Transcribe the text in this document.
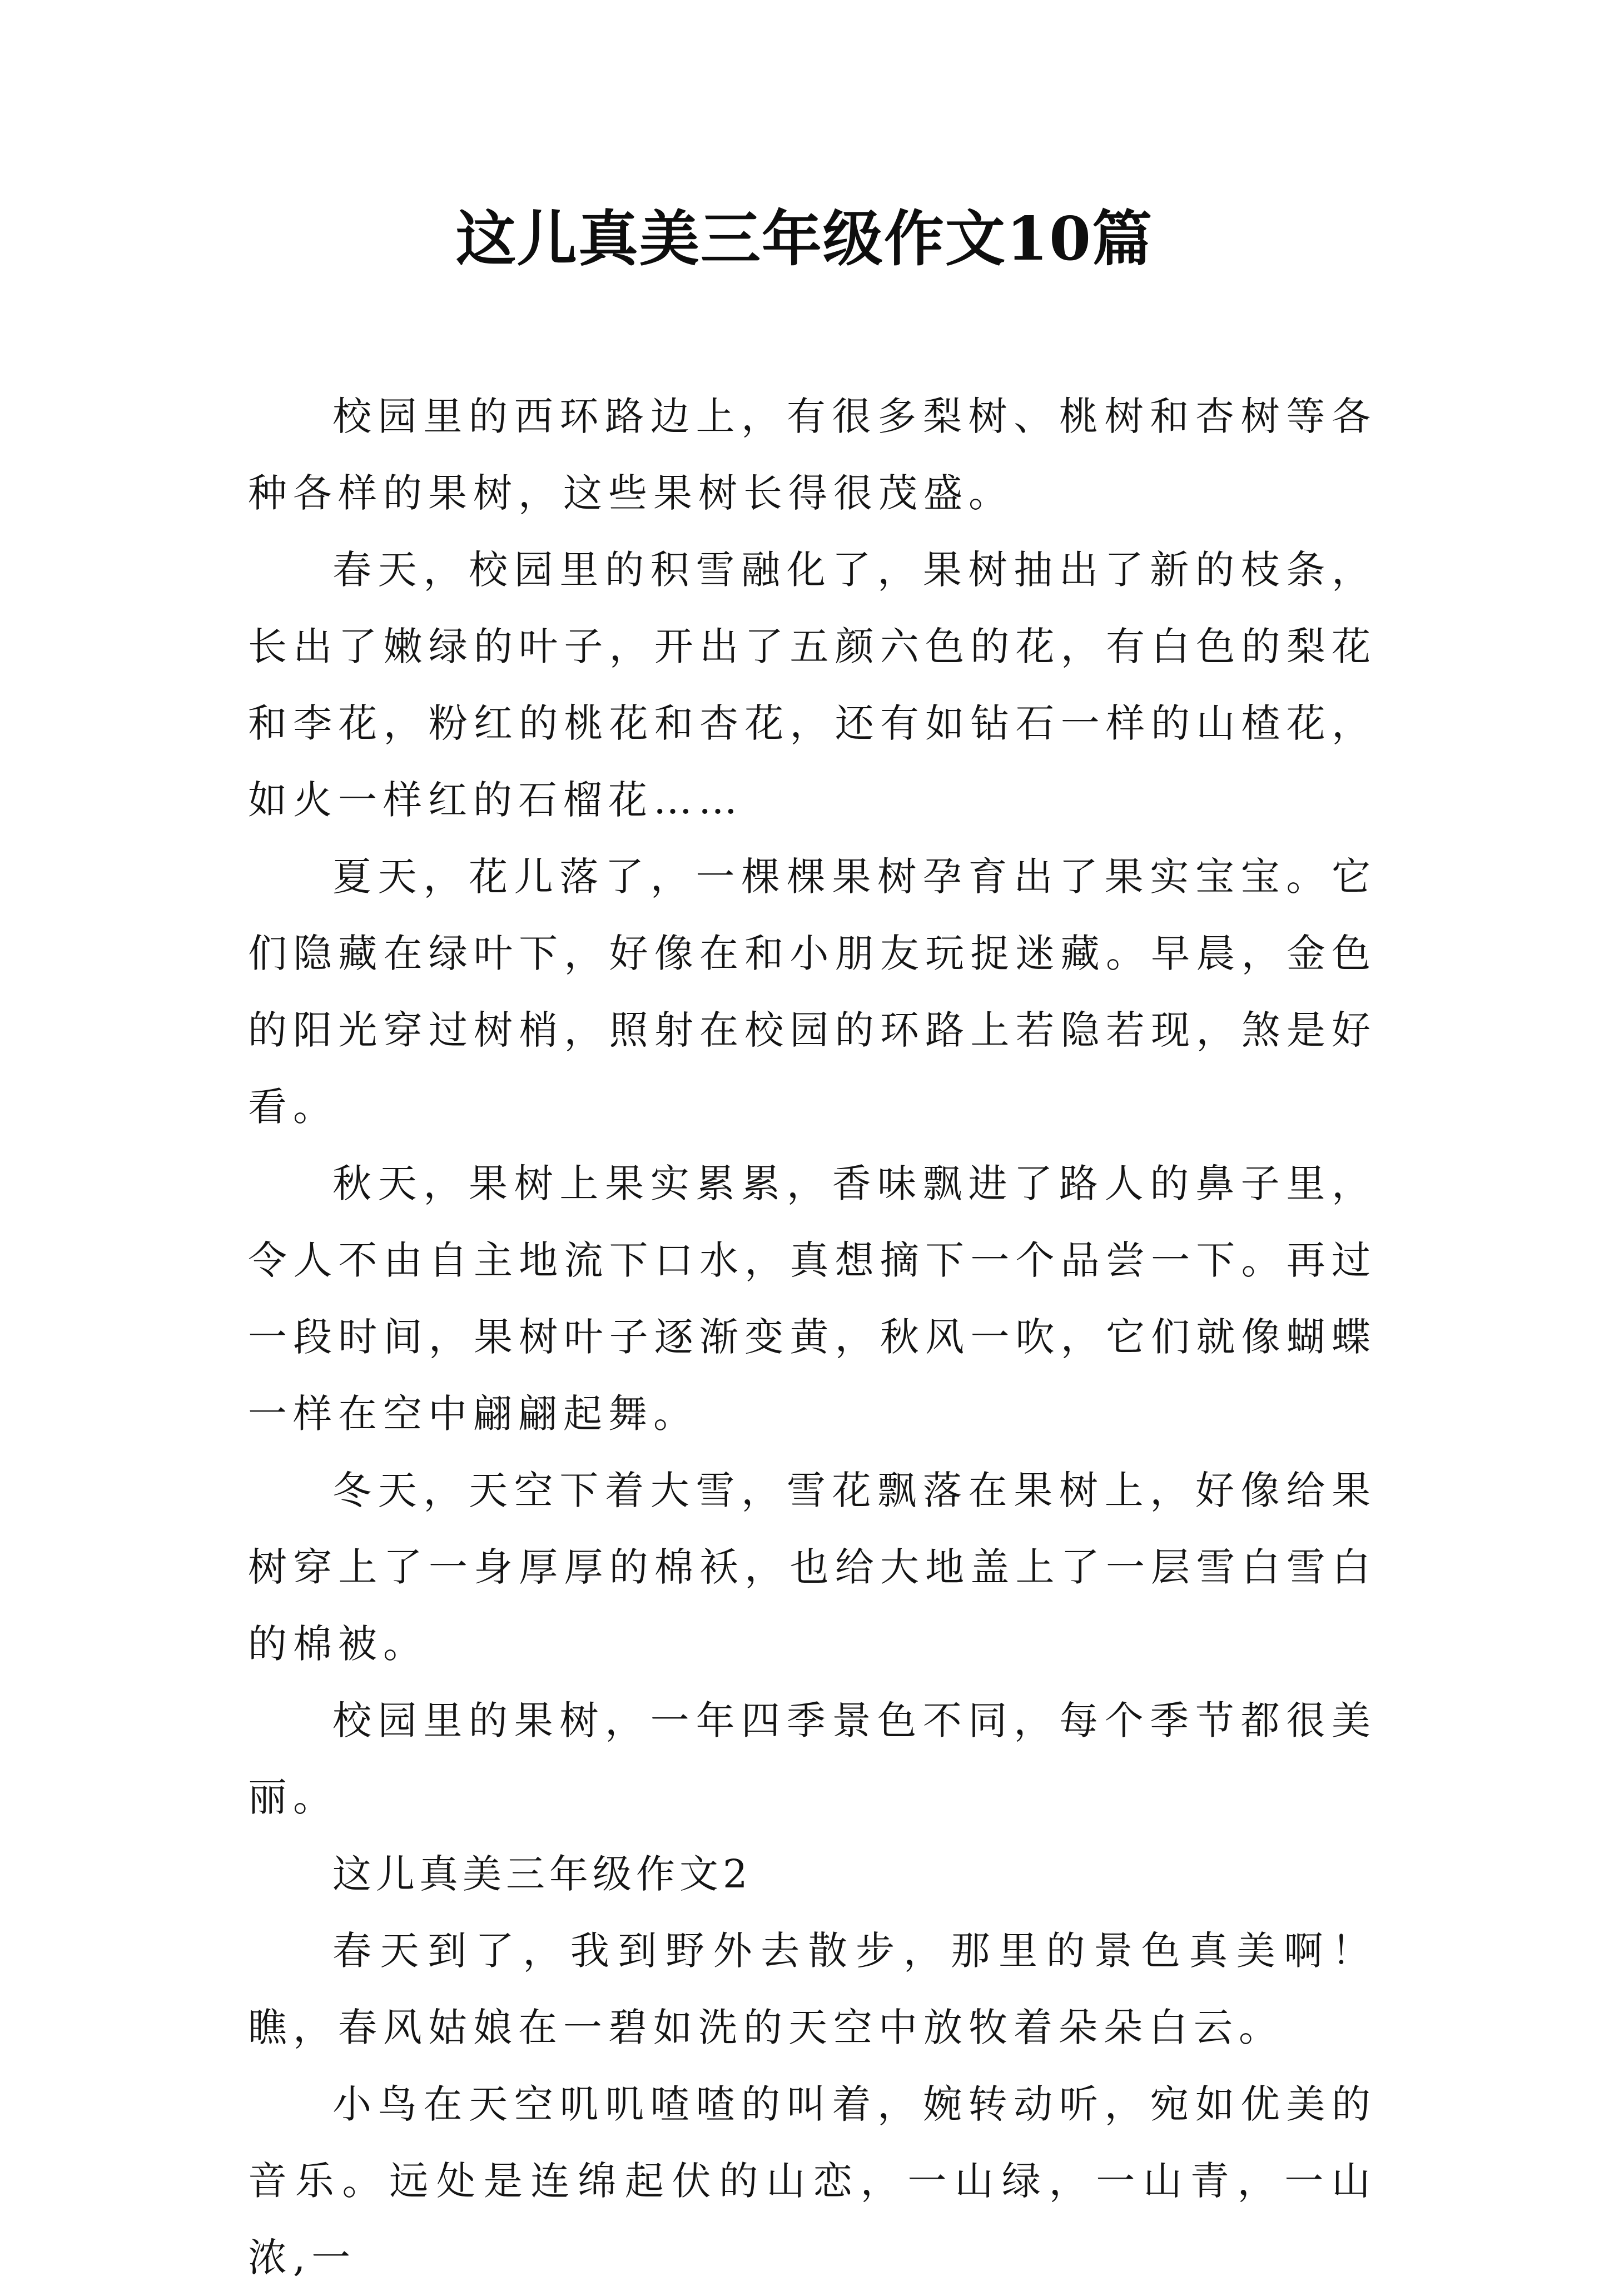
这儿真美三年级作文10篇

校园里的西环路边上，有很多梨树、桃树和杏树等各种各样的果树，这些果树长得很茂盛。

春天，校园里的积雪融化了，果树抽出了新的枝条，长出了嫩绿的叶子，开出了五颜六色的花，有白色的梨花和李花，粉红的桃花和杏花，还有如钻石一样的山楂花，如火一样红的石榴花……

夏天，花儿落了，一棵棵果树孕育出了果实宝宝。它们隐藏在绿叶下，好像在和小朋友玩捉迷藏。早晨，金色的阳光穿过树梢，照射在校园的环路上若隐若现，煞是好看。

秋天，果树上果实累累，香味飘进了路人的鼻子里，令人不由自主地流下口水，真想摘下一个品尝一下。再过一段时间，果树叶子逐渐变黄，秋风一吹，它们就像蝴蝶一样在空中翩翩起舞。

冬天，天空下着大雪，雪花飘落在果树上，好像给果树穿上了一身厚厚的棉袄，也给大地盖上了一层雪白雪白的棉被。

校园里的果树，一年四季景色不同，每个季节都很美丽。

这儿真美三年级作文2

春天到了，我到野外去散步，那里的景色真美啊！瞧，春风姑娘在一碧如洗的天空中放牧着朵朵白云。

小鸟在天空叽叽喳喳的叫着，婉转动听，宛如优美的音乐。远处是连绵起伏的山恋，一山绿，一山青，一山浓,一
